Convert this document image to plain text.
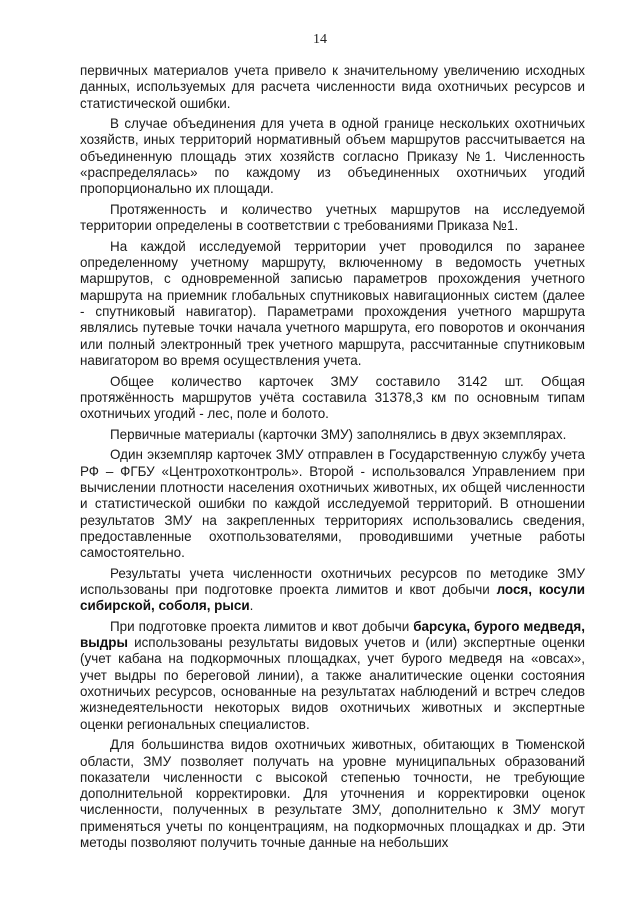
14

первичных материалов учета привело к значительному увеличению исходных данных, используемых для расчета численности вида охотничьих ресурсов и статистической ошибки.

В случае объединения для учета в одной границе нескольких охотничьих хозяйств, иных территорий нормативный объем маршрутов рассчитывается на объединенную площадь этих хозяйств согласно Приказу №1. Численность «распределялась» по каждому из объединенных охотничьих угодий пропорционально их площади.

Протяженность и количество учетных маршрутов на исследуемой территории определены в соответствии с требованиями Приказа №1.

На каждой исследуемой территории учет проводился по заранее определенному учетному маршруту, включенному в ведомость учетных маршрутов, с одновременной записью параметров прохождения учетного маршрута на приемник глобальных спутниковых навигационных систем (далее - спутниковый навигатор). Параметрами прохождения учетного маршрута являлись путевые точки начала учетного маршрута, его поворотов и окончания или полный электронный трек учетного маршрута, рассчитанные спутниковым навигатором во время осуществления учета.

Общее количество карточек ЗМУ составило 3142 шт. Общая протяжённость маршрутов учёта составила 31378,3 км по основным типам охотничьих угодий - лес, поле и болото.

Первичные материалы (карточки ЗМУ) заполнялись в двух экземплярах.

Один экземпляр карточек ЗМУ отправлен в Государственную службу учета РФ – ФГБУ «Центрохотконтроль». Второй - использовался Управлением при вычислении плотности населения охотничьих животных, их общей численности и статистической ошибки по каждой исследуемой территорий. В отношении результатов ЗМУ на закрепленных территориях использовались сведения, предоставленные охотпользователями, проводившими учетные работы самостоятельно.

Результаты учета численности охотничьих ресурсов по методике ЗМУ использованы при подготовке проекта лимитов и квот добычи лося, косули сибирской, соболя, рыси.

При подготовке проекта лимитов и квот добычи барсука, бурого медведя, выдры использованы результаты видовых учетов и (или) экспертные оценки (учет кабана на подкормочных площадках, учет бурого медведя на «овсах», учет выдры по береговой линии), а также аналитические оценки состояния охотничьих ресурсов, основанные на результатах наблюдений и встреч следов жизнедеятельности некоторых видов охотничьих животных и экспертные оценки региональных специалистов.

Для большинства видов охотничьих животных, обитающих в Тюменской области, ЗМУ позволяет получать на уровне муниципальных образований показатели численности с высокой степенью точности, не требующие дополнительной корректировки. Для уточнения и корректировки оценок численности, полученных в результате ЗМУ, дополнительно к ЗМУ могут применяться учеты по концентрациям, на подкормочных площадках и др. Эти методы позволяют получить точные данные на небольших
